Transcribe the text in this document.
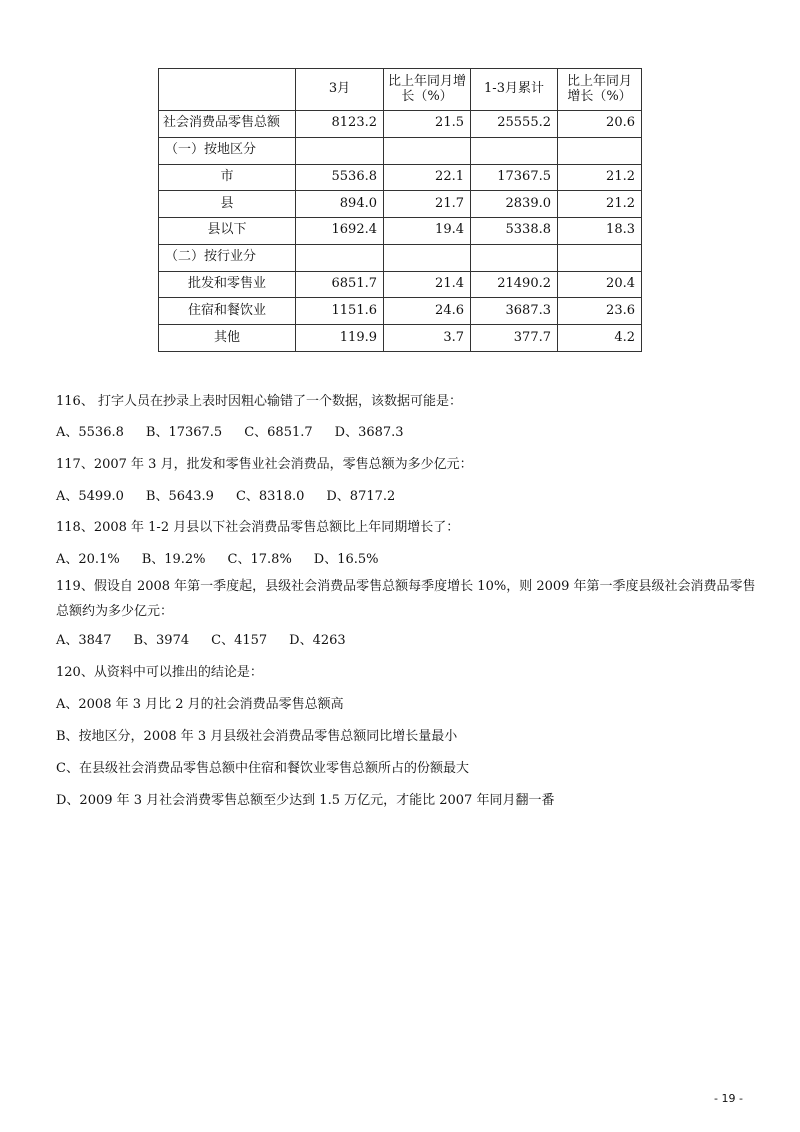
	3月	比上年同月增长（%）	1-3月累计	比上年同月增长（%）
社会消费品零售总额	8123.2	21.5	25555.2	20.6
（一）按地区分				
市	5536.8	22.1	17367.5	21.2
县	894.0	21.7	2839.0	21.2
县以下	1692.4	19.4	5338.8	18.3
（二）按行业分				
批发和零售业	6851.7	21.4	21490.2	20.4
住宿和餐饮业	1151.6	24.6	3687.3	23.6
其他	119.9	3.7	377.7	4.2
116、 打字人员在抄录上表时因粗心输错了一个数据，该数据可能是：
A、5536.8 B、17367.5 C、6851.7 D、3687.3
117、2007 年 3 月，批发和零售业社会消费品，零售总额为多少亿元：
A、5499.0 B、5643.9 C、8318.0 D、8717.2
118、2008 年 1-2 月县以下社会消费品零售总额比上年同期增长了：
A、20.1% B、19.2% C、17.8% D、16.5%
119、假设自 2008 年第一季度起，县级社会消费品零售总额每季度增长 10%，则 2009 年第一季度县级社会消费品零售总额约为多少亿元：
A、3847 B、3974 C、4157 D、4263
120、从资料中可以推出的结论是：
A、2008 年 3 月比 2 月的社会消费品零售总额高
B、按地区分，2008 年 3 月县级社会消费品零售总额同比增长量最小
C、在县级社会消费品零售总额中住宿和餐饮业零售总额所占的份额最大
D、2009 年 3 月社会消费零售总额至少达到 1.5 万亿元，才能比 2007 年同月翻一番
- 19 -
